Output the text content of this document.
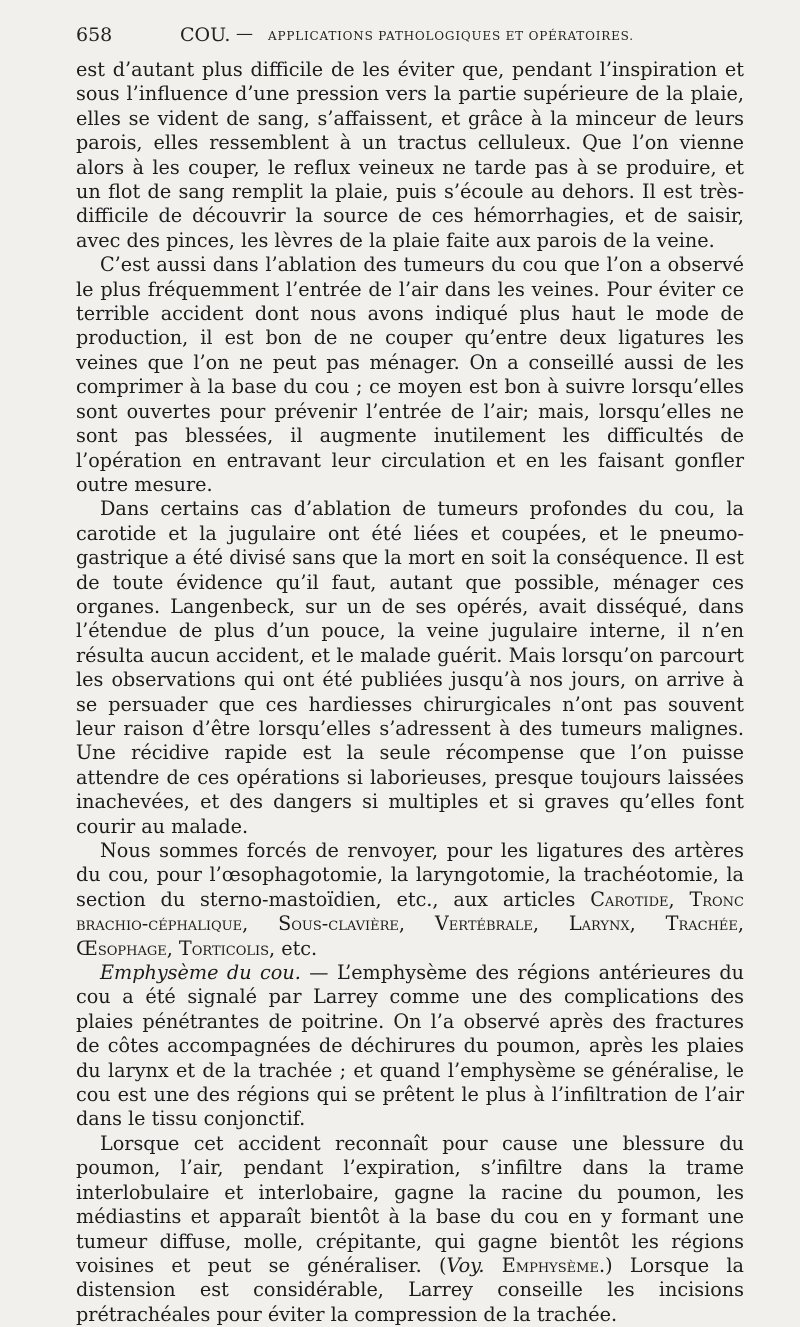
658	COU. — APPLICATIONS PATHOLOGIQUES ET OPÉRATOIRES.

est d’autant plus difficile de les éviter que, pendant l’inspiration et sous l’influence d’une pression vers la partie supérieure de la plaie, elles se vident de sang, s’affaissent, et grâce à la minceur de leurs parois, elles ressemblent à un tractus celluleux. Que l’on vienne alors à les couper, le reflux veineux ne tarde pas à se produire, et un flot de sang remplit la plaie, puis s’écoule au dehors. Il est très-difficile de découvrir la source de ces hémorrhagies, et de saisir, avec des pinces, les lèvres de la plaie faite aux parois de la veine.

C’est aussi dans l’ablation des tumeurs du cou que l’on a observé le plus fréquemment l’entrée de l’air dans les veines. Pour éviter ce terrible accident dont nous avons indiqué plus haut le mode de production, il est bon de ne couper qu’entre deux ligatures les veines que l’on ne peut pas ménager. On a conseillé aussi de les comprimer à la base du cou ; ce moyen est bon à suivre lorsqu’elles sont ouvertes pour prévenir l’entrée de l’air; mais, lorsqu’elles ne sont pas blessées, il augmente inutilement les difficultés de l’opération en entravant leur circulation et en les faisant gonfler outre mesure.

Dans certains cas d’ablation de tumeurs profondes du cou, la carotide et la jugulaire ont été liées et coupées, et le pneumo-gastrique a été divisé sans que la mort en soit la conséquence. Il est de toute évidence qu’il faut, autant que possible, ménager ces organes. Langenbeck, sur un de ses opérés, avait disséqué, dans l’étendue de plus d’un pouce, la veine jugulaire interne, il n’en résulta aucun accident, et le malade guérit. Mais lorsqu’on parcourt les observations qui ont été publiées jusqu’à nos jours, on arrive à se persuader que ces hardiesses chirurgicales n’ont pas souvent leur raison d’être lorsqu’elles s’adressent à des tumeurs malignes. Une récidive rapide est la seule récompense que l’on puisse attendre de ces opérations si laborieuses, presque toujours laissées inachevées, et des dangers si multiples et si graves qu’elles font courir au malade.

Nous sommes forcés de renvoyer, pour les ligatures des artères du cou, pour l’œsophagotomie, la laryngotomie, la trachéotomie, la section du sterno-mastoïdien, etc., aux articles Carotide, Tronc brachio-céphalique, Sous-clavière, Vertébrale, Larynx, Trachée, Œsophage, Torticolis, etc.

Emphysème du cou. — L’emphysème des régions antérieures du cou a été signalé par Larrey comme une des complications des plaies pénétrantes de poitrine. On l’a observé après des fractures de côtes accompagnées de déchirures du poumon, après les plaies du larynx et de la trachée ; et quand l’emphysème se généralise, le cou est une des régions qui se prêtent le plus à l’infiltration de l’air dans le tissu conjonctif.

Lorsque cet accident reconnaît pour cause une blessure du poumon, l’air, pendant l’expiration, s’infiltre dans la trame interlobulaire et interlobaire, gagne la racine du poumon, les médiastins et apparaît bientôt à la base du cou en y formant une tumeur diffuse, molle, crépitante, qui gagne bientôt les régions voisines et peut se généraliser. (Voy. Emphysème.) Lorsque la distension est considérable, Larrey conseille les incisions prétrachéales pour éviter la compression de la trachée.
